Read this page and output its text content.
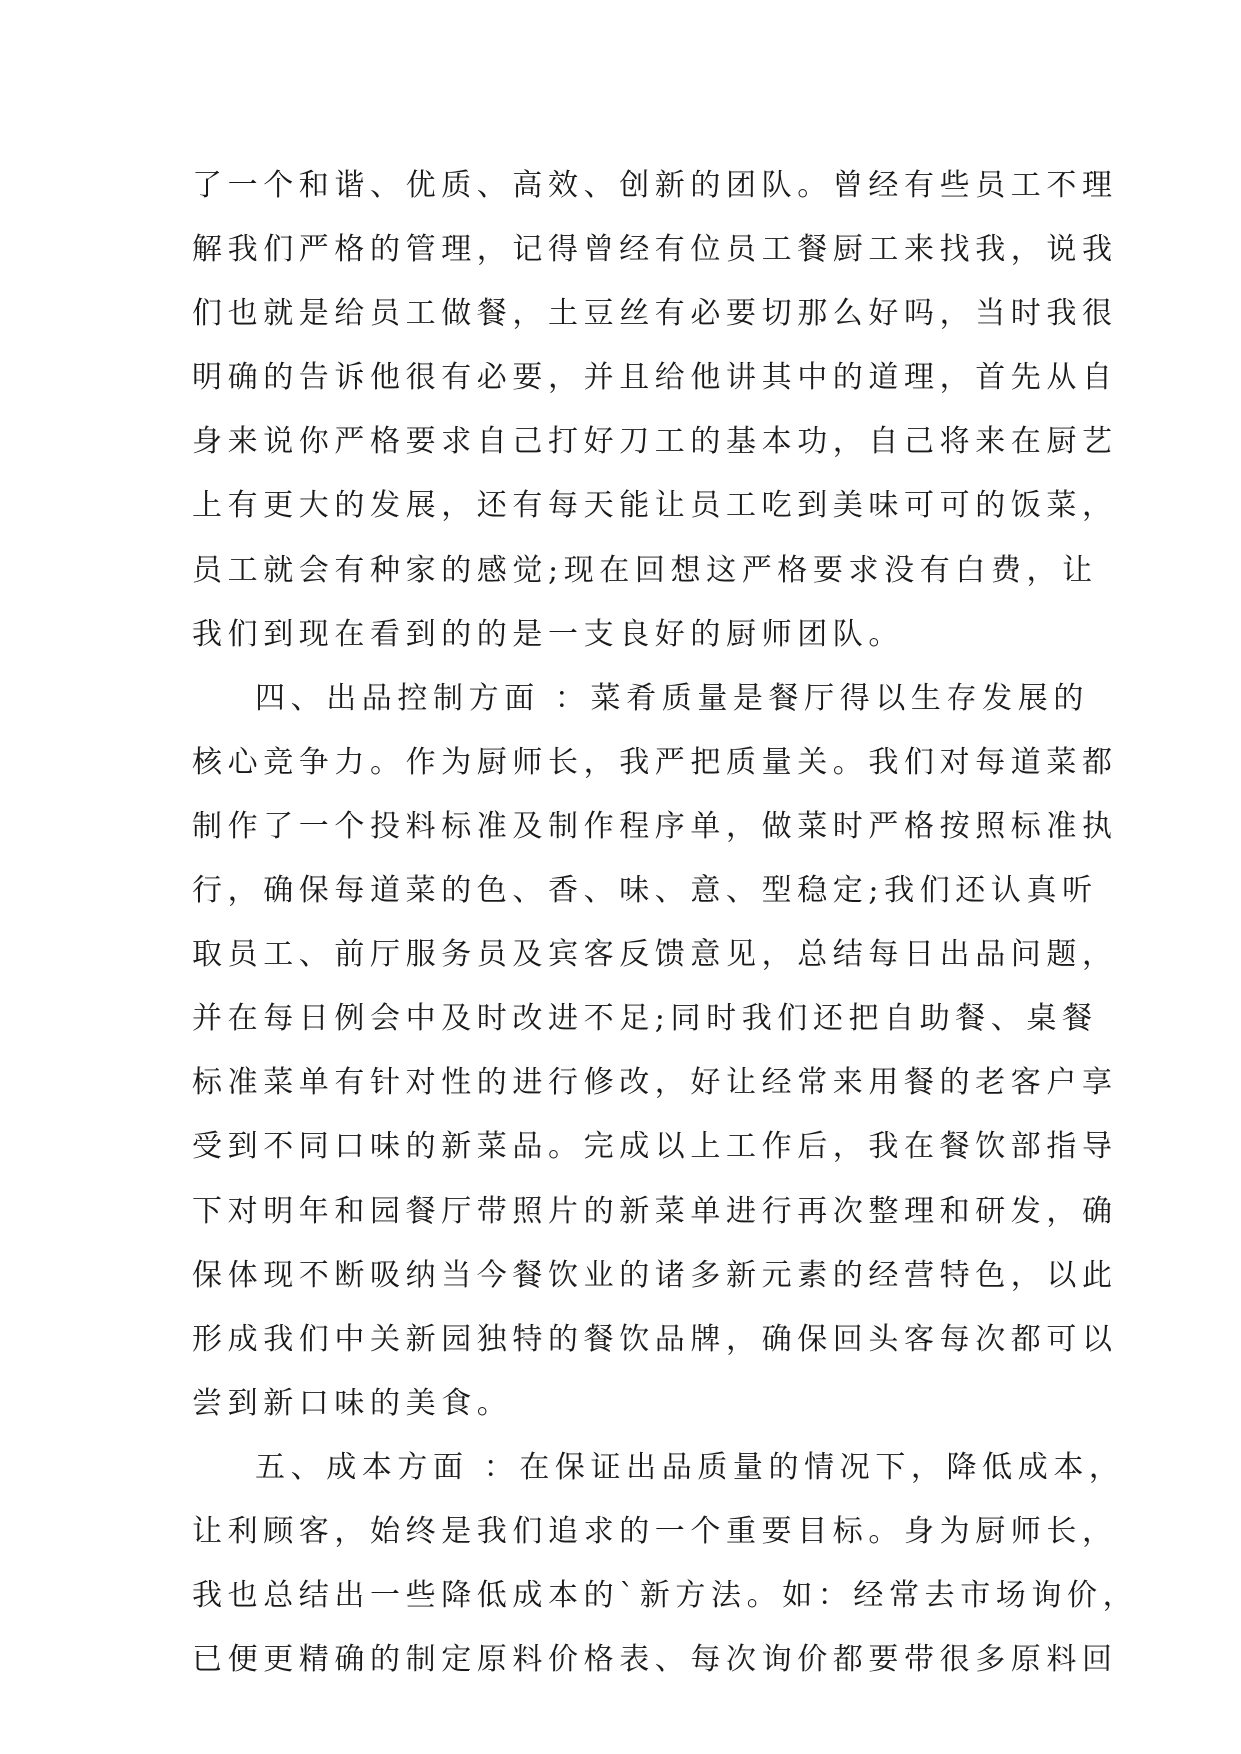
了一个和谐、优质、高效、创新的团队。曾经有些员工不理
解我们严格的管理，记得曾经有位员工餐厨工来找我，说我
们也就是给员工做餐，土豆丝有必要切那么好吗，当时我很
明确的告诉他很有必要，并且给他讲其中的道理，首先从自
身来说你严格要求自己打好刀工的基本功，自己将来在厨艺
上有更大的发展，还有每天能让员工吃到美味可可的饭菜，
员工就会有种家的感觉;现在回想这严格要求没有白费，让
我们到现在看到的的是一支良好的厨师团队。
四、出品控制方面 ：菜肴质量是餐厅得以生存发展的
核心竞争力。作为厨师长，我严把质量关。我们对每道菜都
制作了一个投料标准及制作程序单，做菜时严格按照标准执
行，确保每道菜的色、香、味、意、型稳定;我们还认真听
取员工、前厅服务员及宾客反馈意见，总结每日出品问题，
并在每日例会中及时改进不足;同时我们还把自助餐、桌餐
标准菜单有针对性的进行修改，好让经常来用餐的老客户享
受到不同口味的新菜品。完成以上工作后，我在餐饮部指导
下对明年和园餐厅带照片的新菜单进行再次整理和研发，确
保体现不断吸纳当今餐饮业的诸多新元素的经营特色，以此
形成我们中关新园独特的餐饮品牌，确保回头客每次都可以
尝到新口味的美食。
五、成本方面 ：在保证出品质量的情况下，降低成本，
让利顾客，始终是我们追求的一个重要目标。身为厨师长，
我也总结出一些降低成本的`新方法。如：经常去市场询价，
已便更精确的制定原料价格表、每次询价都要带很多原料回
